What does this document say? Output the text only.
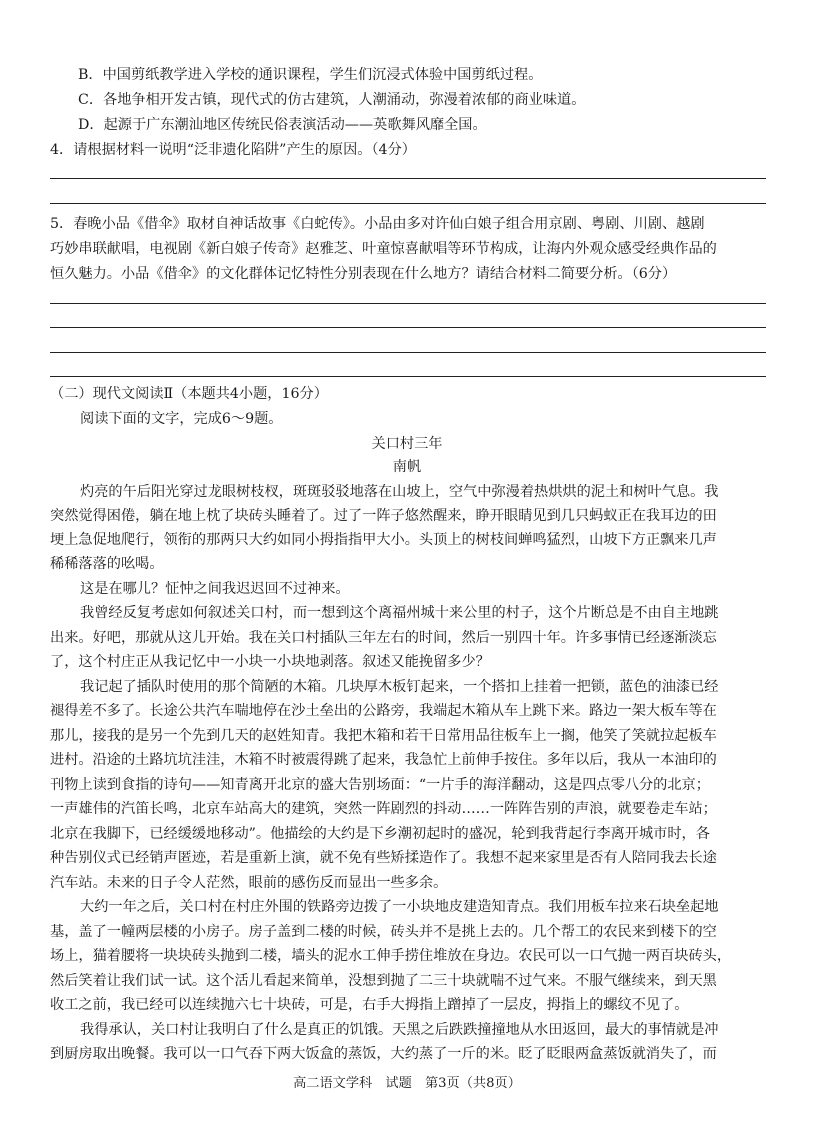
B．中国剪纸教学进入学校的通识课程，学生们沉浸式体验中国剪纸过程。
C．各地争相开发古镇，现代式的仿古建筑，人潮涌动，弥漫着浓郁的商业味道。
D．起源于广东潮汕地区传统民俗表演活动——英歌舞风靡全国。
4．请根据材料一说明“泛非遗化陷阱”产生的原因。（4分）
5．春晚小品《借伞》取材自神话故事《白蛇传》。小品由多对许仙白娘子组合用京剧、粤剧、川剧、越剧
巧妙串联献唱，电视剧《新白娘子传奇》赵雅芝、叶童惊喜献唱等环节构成，让海内外观众感受经典作品的
恒久魅力。小品《借伞》的文化群体记忆特性分别表现在什么地方？请结合材料二简要分析。（6分）
（二）现代文阅读Ⅱ（本题共4小题，16分）
阅读下面的文字，完成6～9题。
关口村三年
南帆
灼亮的午后阳光穿过龙眼树枝杈，斑斑驳驳地落在山坡上，空气中弥漫着热烘烘的泥土和树叶气息。我
突然觉得困倦，躺在地上枕了块砖头睡着了。过了一阵子悠然醒来，睁开眼睛见到几只蚂蚁正在我耳边的田
埂上急促地爬行，领衔的那两只大约如同小拇指指甲大小。头顶上的树枝间蝉鸣猛烈，山坡下方正飘来几声
稀稀落落的吆喝。
这是在哪儿？怔忡之间我迟迟回不过神来。
我曾经反复考虑如何叙述关口村，而一想到这个离福州城十来公里的村子，这个片断总是不由自主地跳
出来。好吧，那就从这儿开始。我在关口村插队三年左右的时间，然后一别四十年。许多事情已经逐渐淡忘
了，这个村庄正从我记忆中一小块一小块地剥落。叙述又能挽留多少？
我记起了插队时使用的那个简陋的木箱。几块厚木板钉起来，一个搭扣上挂着一把锁，蓝色的油漆已经
褪得差不多了。长途公共汽车喘地停在沙土垒出的公路旁，我端起木箱从车上跳下来。路边一架大板车等在
那儿，接我的是另一个先到几天的赵姓知青。我把木箱和若干日常用品往板车上一搁，他笑了笑就拉起板车
进村。沿途的土路坑坑洼洼，木箱不时被震得跳了起来，我急忙上前伸手按住。多年以后，我从一本油印的
刊物上读到食指的诗句——知青离开北京的盛大告别场面：“一片手的海洋翻动，这是四点零八分的北京；
一声雄伟的汽笛长鸣，北京车站高大的建筑，突然一阵剧烈的抖动……一阵阵告别的声浪，就要卷走车站；
北京在我脚下，已经缓缓地移动”。他描绘的大约是下乡潮初起时的盛况，轮到我背起行李离开城市时，各
种告别仪式已经销声匿迹，若是重新上演，就不免有些矫揉造作了。我想不起来家里是否有人陪同我去长途
汽车站。未来的日子令人茫然，眼前的感伤反而显出一些多余。
大约一年之后，关口村在村庄外围的铁路旁边拨了一小块地皮建造知青点。我们用板车拉来石块垒起地
基，盖了一幢两层楼的小房子。房子盖到二楼的时候，砖头并不是挑上去的。几个帮工的农民来到楼下的空
场上，猫着腰将一块块砖头抛到二楼，墙头的泥水工伸手捞住堆放在身边。农民可以一口气抛一两百块砖头，
然后笑着让我们试一试。这个活儿看起来简单，没想到抛了二三十块就喘不过气来。不服气继续来，到天黑
收工之前，我已经可以连续抛六七十块砖，可是，右手大拇指上蹭掉了一层皮，拇指上的螺纹不见了。
我得承认，关口村让我明白了什么是真正的饥饿。天黑之后跌跌撞撞地从水田返回，最大的事情就是冲
到厨房取出晚餐。我可以一口气吞下两大饭盒的蒸饭，大约蒸了一斤的米。眨了眨眼两盒蒸饭就消失了，而
高二语文学科　试题　第3页（共8页）
